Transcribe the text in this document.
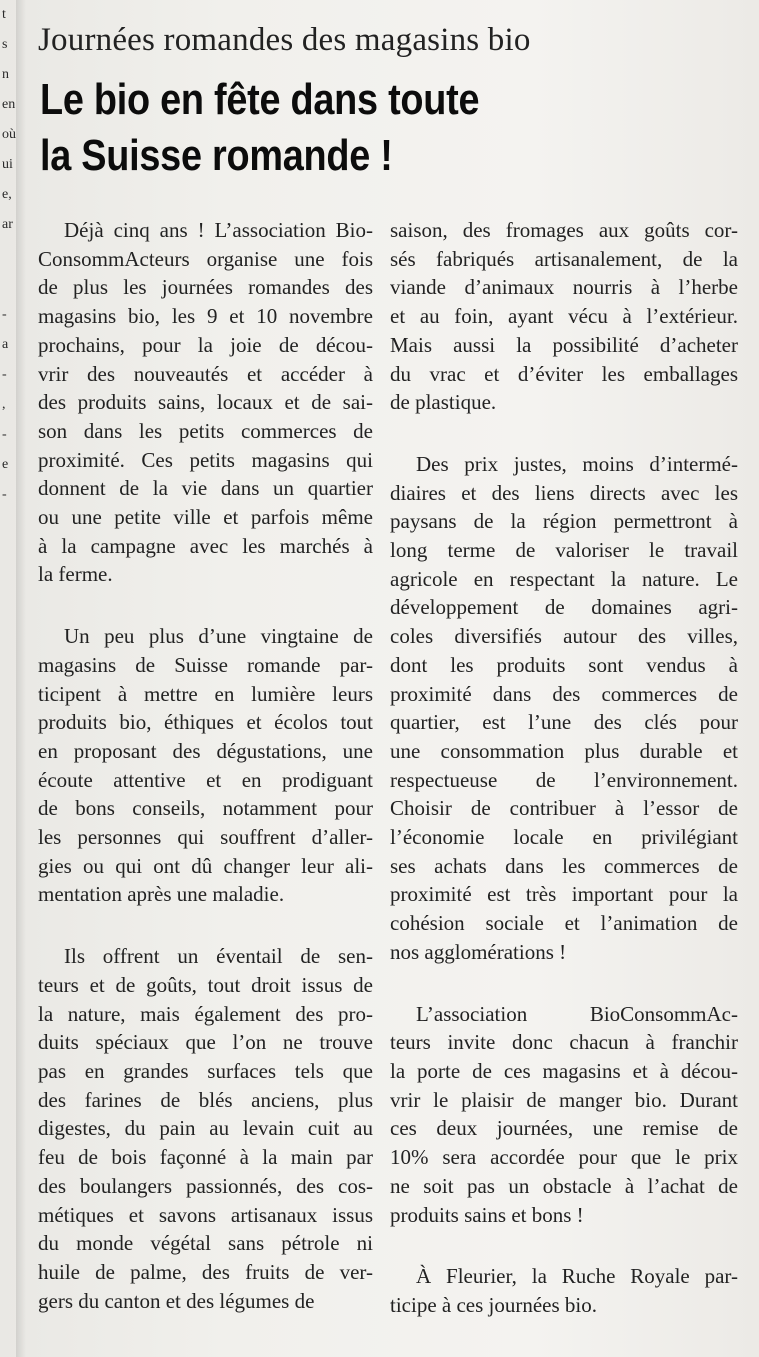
t
s
n
en
où
ui
e,
ar
-
a
-
,
-
e
-
Journées romandes des magasins bio
Le bio en fête dans toute
la Suisse romande !

Déjà cinq ans ! L’association Bio-
ConsommActeurs organise une fois
de plus les journées romandes des
magasins bio, les 9 et 10 novembre
prochains, pour la joie de décou-
vrir des nouveautés et accéder à
des produits sains, locaux et de sai-
son dans les petits commerces de
proximité. Ces petits magasins qui
donnent de la vie dans un quartier
ou une petite ville et parfois même
à la campagne avec les marchés à
la ferme.

Un peu plus d’une vingtaine de
magasins de Suisse romande par-
ticipent à mettre en lumière leurs
produits bio, éthiques et écolos tout
en proposant des dégustations, une
écoute attentive et en prodiguant
de bons conseils, notamment pour
les personnes qui souffrent d’aller-
gies ou qui ont dû changer leur ali-
mentation après une maladie.

Ils offrent un éventail de sen-
teurs et de goûts, tout droit issus de
la nature, mais également des pro-
duits spéciaux que l’on ne trouve
pas en grandes surfaces tels que
des farines de blés anciens, plus
digestes, du pain au levain cuit au
feu de bois façonné à la main par
des boulangers passionnés, des cos-
métiques et savons artisanaux issus
du monde végétal sans pétrole ni
huile de palme, des fruits de ver-
gers du canton et des légumes de

saison, des fromages aux goûts cor-
sés fabriqués artisanalement, de la
viande d’animaux nourris à l’herbe
et au foin, ayant vécu à l’extérieur.
Mais aussi la possibilité d’acheter
du vrac et d’éviter les emballages
de plastique.

Des prix justes, moins d’intermé-
diaires et des liens directs avec les
paysans de la région permettront à
long terme de valoriser le travail
agricole en respectant la nature. Le
développement de domaines agri-
coles diversifiés autour des villes,
dont les produits sont vendus à
proximité dans des commerces de
quartier, est l’une des clés pour
une consommation plus durable et
respectueuse de l’environnement.
Choisir de contribuer à l’essor de
l’économie locale en privilégiant
ses achats dans les commerces de
proximité est très important pour la
cohésion sociale et l’animation de
nos agglomérations !

L’association BioConsommAc-
teurs invite donc chacun à franchir
la porte de ces magasins et à décou-
vrir le plaisir de manger bio. Durant
ces deux journées, une remise de
10% sera accordée pour que le prix
ne soit pas un obstacle à l’achat de
produits sains et bons !

À Fleurier, la Ruche Royale par-
ticipe à ces journées bio.
